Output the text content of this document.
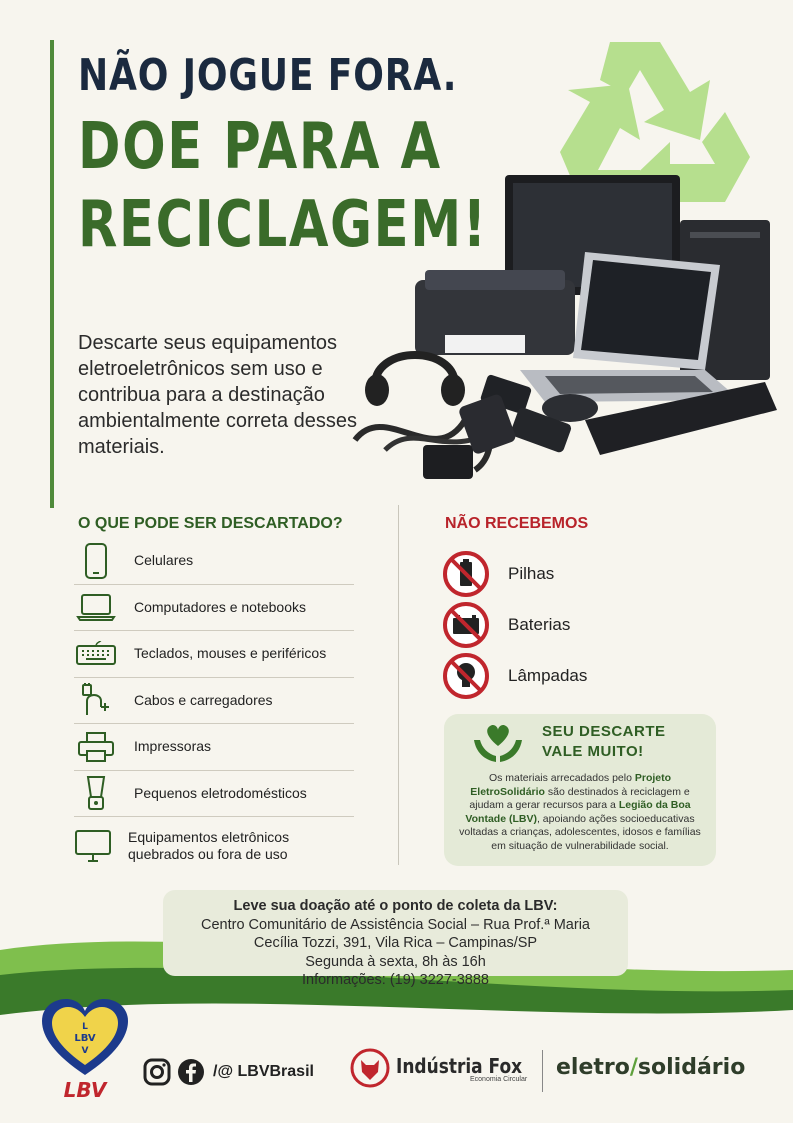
NÃO JOGUE FORA.
DOE PARA A
RECICLAGEM!
Descarte seus equipamentos eletroeletrônicos sem uso e contribua para a destinação ambientalmente correta desses materiais.
O QUE PODE SER DESCARTADO?	NÃO RECEBEMOS
Celulares
Computadores e notebooks
Teclados, mouses e periféricos
Cabos e carregadores
Impressoras
Pequenos eletrodomésticos
Equipamentos eletrônicos quebrados ou fora de uso
Pilhas
Baterias
Lâmpadas
SEU DESCARTE
VALE MUITO!
Os materiais arrecadados pelo Projeto EletroSolidário são destinados à reciclagem e ajudam a gerar recursos para a Legião da Boa Vontade (LBV), apoiando ações socioeducativas voltadas a crianças, adolescentes, idosos e famílias em situação de vulnerabilidade social.
Leve sua doação até o ponto de coleta da LBV:
Centro Comunitário de Assistência Social – Rua Prof.ª Maria
Cecília Tozzi, 391, Vila Rica – Campinas/SP
Segunda à sexta, 8h às 16h
Informações: (19) 3227-3888
L
LBV
V
LBV
/@ LBVBrasil	Indústria Fox
Economia Circular	eletro/solidário
